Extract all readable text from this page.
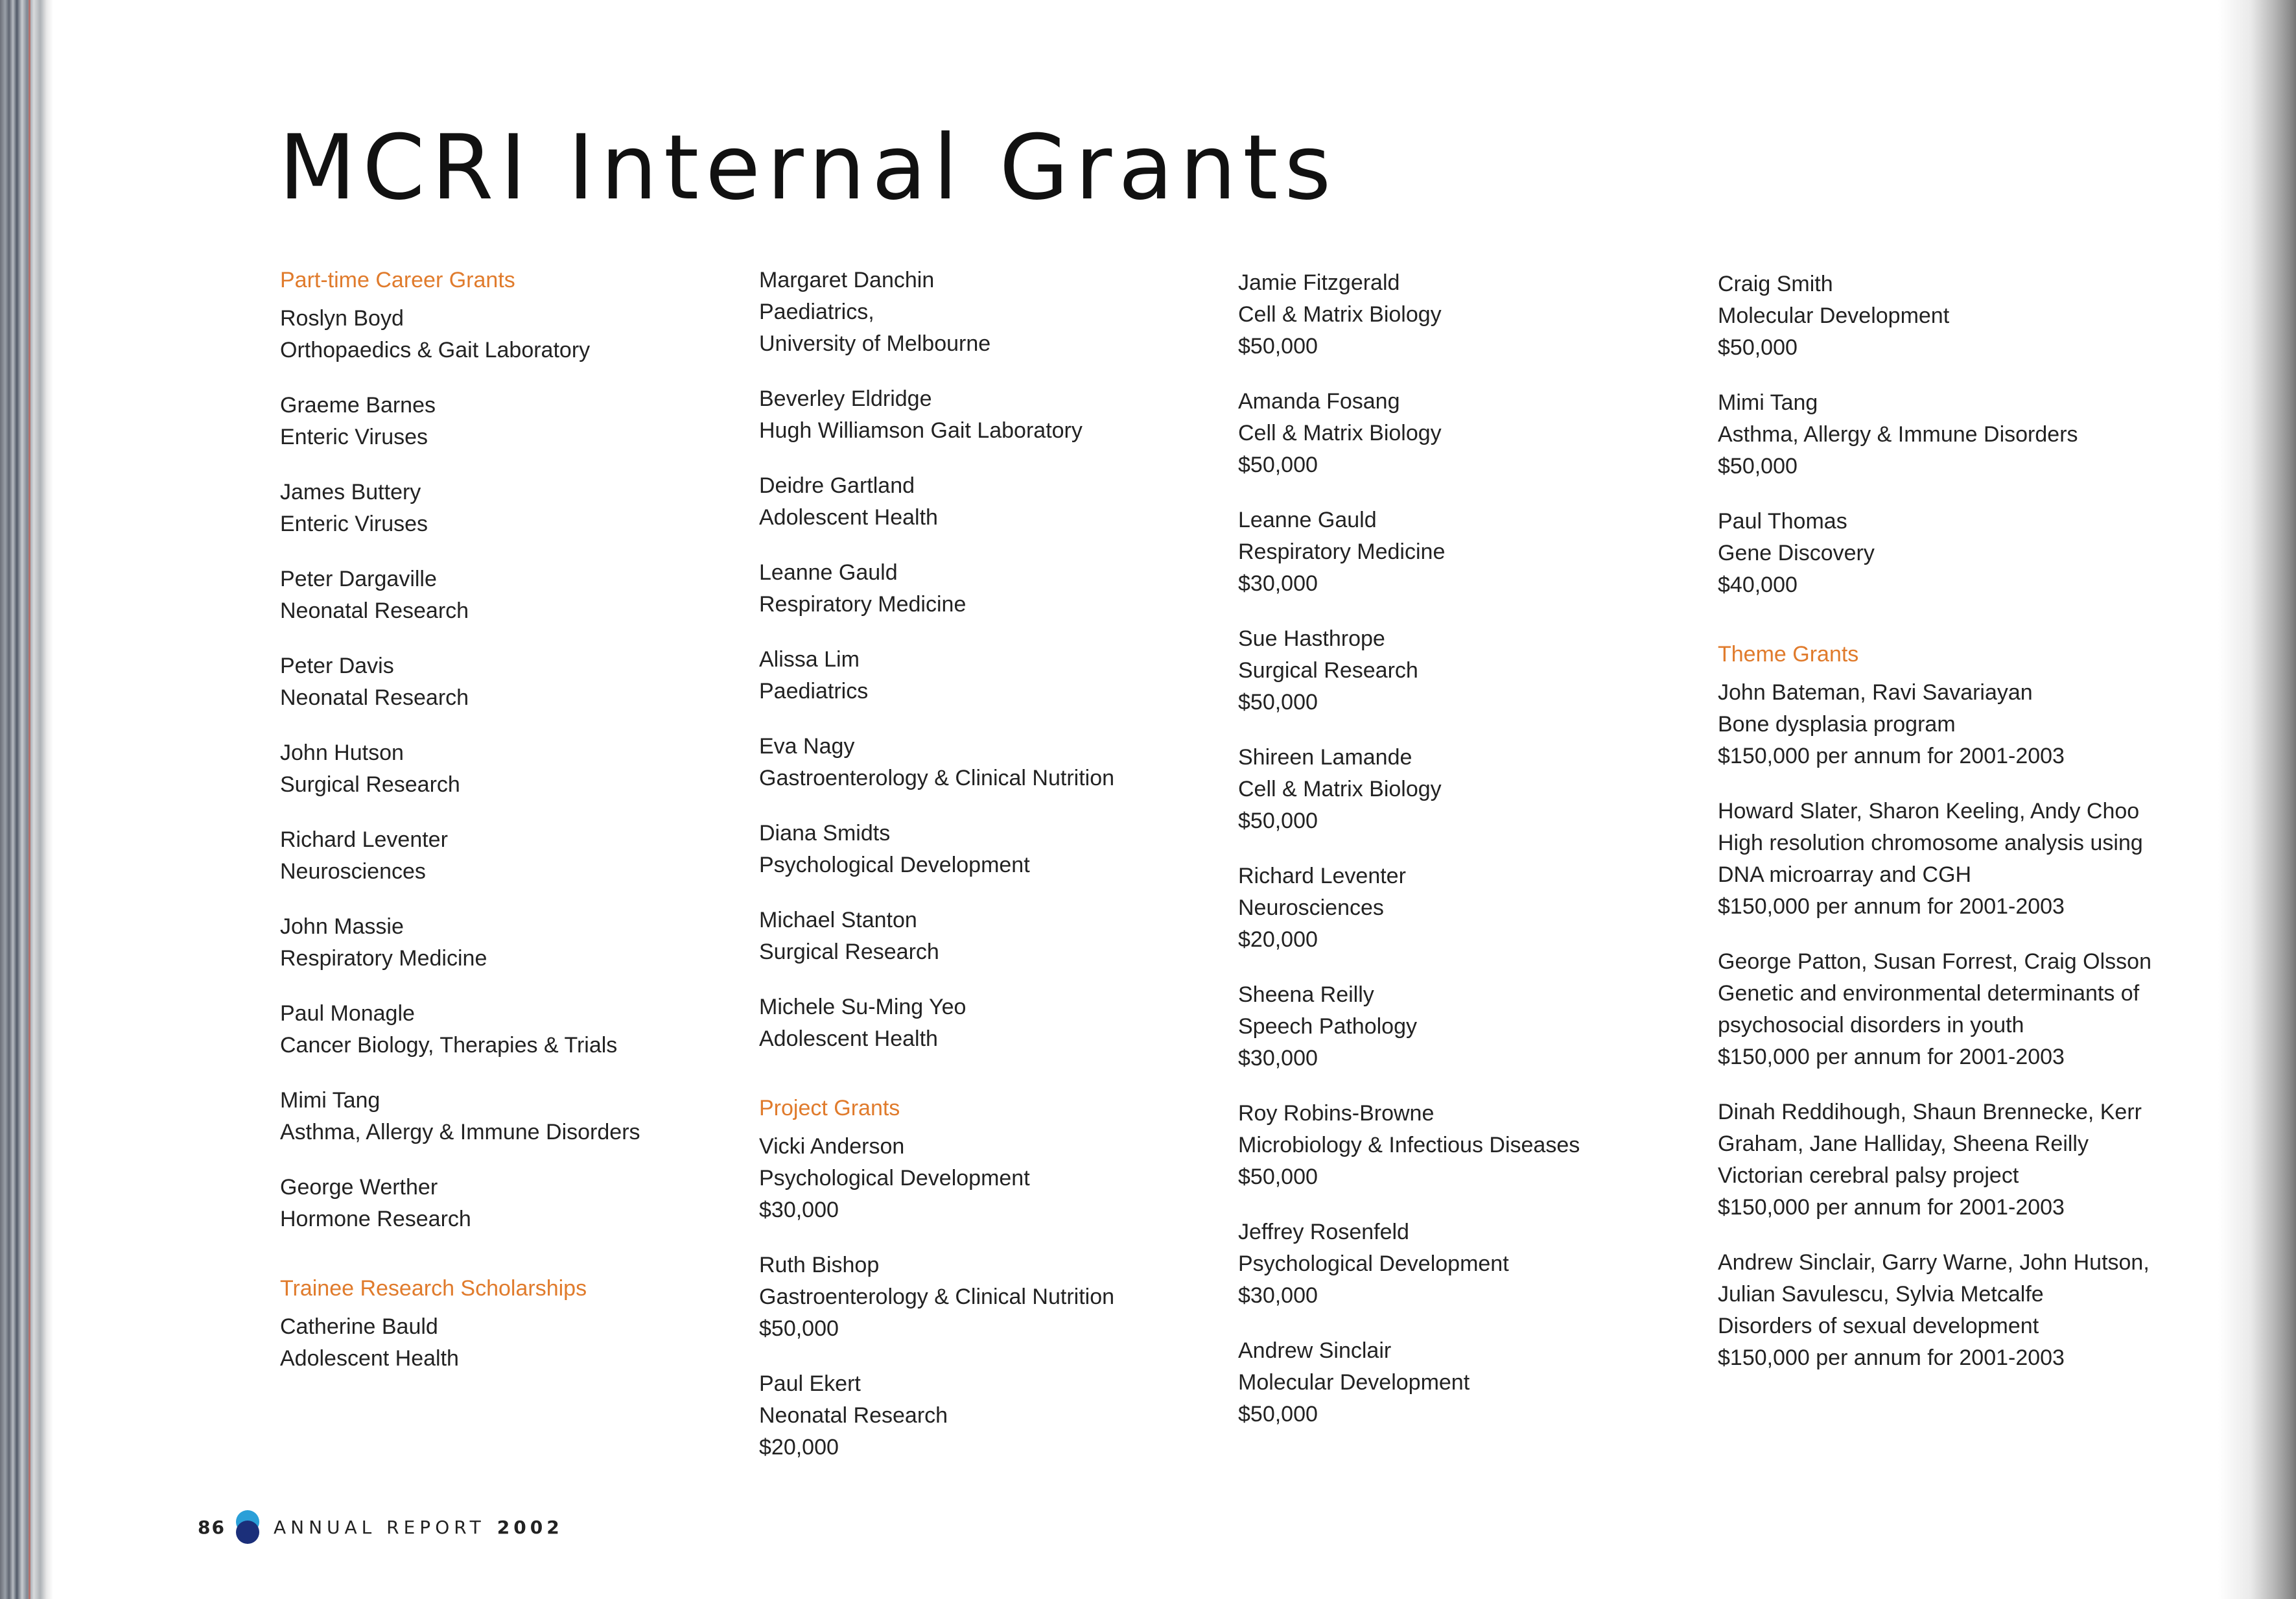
MCRI Internal Grants
Part-time Career Grants
Roslyn Boyd
Orthopaedics & Gait Laboratory
Graeme Barnes
Enteric Viruses
James Buttery
Enteric Viruses
Peter Dargaville
Neonatal Research
Peter Davis
Neonatal Research
John Hutson
Surgical Research
Richard Leventer
Neurosciences
John Massie
Respiratory Medicine
Paul Monagle
Cancer Biology, Therapies & Trials
Mimi Tang
Asthma, Allergy & Immune Disorders
George Werther
Hormone Research
Trainee Research Scholarships
Catherine Bauld
Adolescent Health
Margaret Danchin
Paediatrics,
University of Melbourne
Beverley Eldridge
Hugh Williamson Gait Laboratory
Deidre Gartland
Adolescent Health
Leanne Gauld
Respiratory Medicine
Alissa Lim
Paediatrics
Eva Nagy
Gastroenterology & Clinical Nutrition
Diana Smidts
Psychological Development
Michael Stanton
Surgical Research
Michele Su-Ming Yeo
Adolescent Health
Project Grants
Vicki Anderson
Psychological Development
$30,000
Ruth Bishop
Gastroenterology & Clinical Nutrition
$50,000
Paul Ekert
Neonatal Research
$20,000
Jamie Fitzgerald
Cell & Matrix Biology
$50,000
Amanda Fosang
Cell & Matrix Biology
$50,000
Leanne Gauld
Respiratory Medicine
$30,000
Sue Hasthrope
Surgical Research
$50,000
Shireen Lamande
Cell & Matrix Biology
$50,000
Richard Leventer
Neurosciences
$20,000
Sheena Reilly
Speech Pathology
$30,000
Roy Robins-Browne
Microbiology & Infectious Diseases
$50,000
Jeffrey Rosenfeld
Psychological Development
$30,000
Andrew Sinclair
Molecular Development
$50,000
Craig Smith
Molecular Development
$50,000
Mimi Tang
Asthma, Allergy & Immune Disorders
$50,000
Paul Thomas
Gene Discovery
$40,000
Theme Grants
John Bateman, Ravi Savariayan
Bone dysplasia program
$150,000 per annum for 2001-2003
Howard Slater, Sharon Keeling, Andy Choo
High resolution chromosome analysis using
DNA microarray and CGH
$150,000 per annum for 2001-2003
George Patton, Susan Forrest, Craig Olsson
Genetic and environmental determinants of
psychosocial disorders in youth
$150,000 per annum for 2001-2003
Dinah Reddihough, Shaun Brennecke, Kerr
Graham, Jane Halliday, Sheena Reilly
Victorian cerebral palsy project
$150,000 per annum for 2001-2003
Andrew Sinclair, Garry Warne, John Hutson,
Julian Savulescu, Sylvia Metcalfe
Disorders of sexual development
$150,000 per annum for 2001-2003
86	ANNUAL REPORT 2002
